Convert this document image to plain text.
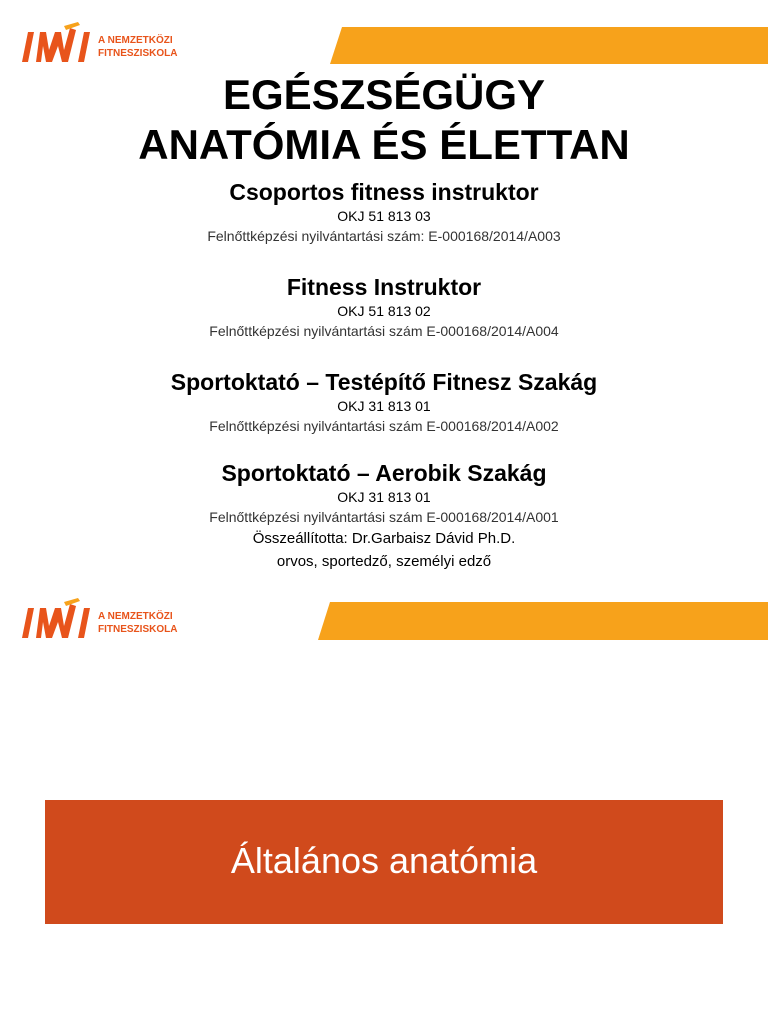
A NEMZETKÖZI
FITNESZISKOLA
EGÉSZSÉGÜGY
ANATÓMIA ÉS ÉLETTAN
Csoportos fitness instruktor
OKJ 51 813 03
Felnőttképzési nyilvántartási szám: E-000168/2014/A003
Fitness Instruktor
OKJ 51 813 02
Felnőttképzési nyilvántartási szám E-000168/2014/A004
Sportoktató – Testépítő Fitnesz Szakág
OKJ 31 813 01
Felnőttképzési nyilvántartási szám E-000168/2014/A002
Sportoktató – Aerobik Szakág
OKJ 31 813 01
Felnőttképzési nyilvántartási szám E-000168/2014/A001
Összeállította: Dr.Garbaisz Dávid Ph.D.
orvos, sportedző, személyi edző
A NEMZETKÖZI
FITNESZISKOLA
Általános anatómia
